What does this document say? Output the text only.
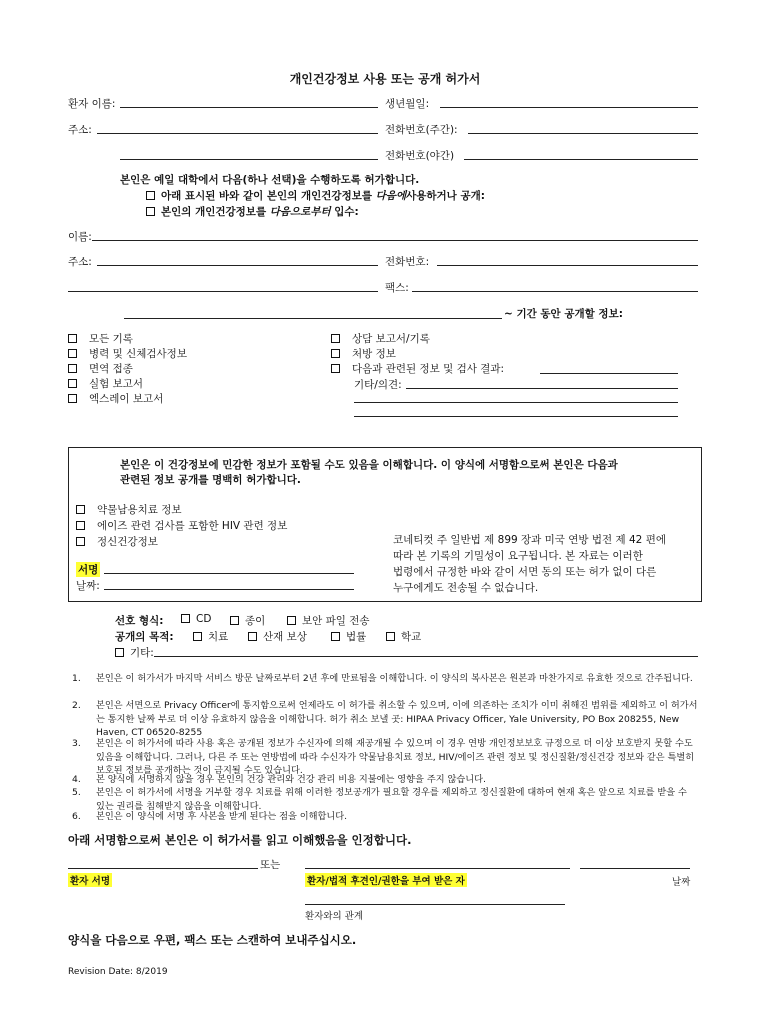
개인건강정보 사용 또는 공개 허가서
환자 이름:	생년월일:
주소:	전화번호(주간):
전화번호(야간)
본인은 예일 대학에서 다음(하나 선택)을 수행하도록 허가합니다.
아래 표시된 바와 같이 본인의 개인건강정보를 다음에사용하거나 공개:
본인의 개인건강정보를 다음으로부터 입수:
이름:
주소:	전화번호:
팩스:
~ 기간 동안 공개할 정보:
모든 기록
병력 및 신체검사정보
면역 접종
실험 보고서
엑스레이 보고서
상담 보고서/기록
처방 정보
다음과 관련된 정보 및 검사 결과:
기타/의견:
본인은 이 건강정보에 민감한 정보가 포함될 수도 있음을 이해합니다. 이 양식에 서명함으로써 본인은 다음과
관련된 정보 공개를 명백히 허가합니다.
약물남용치료 정보
에이즈 관련 검사를 포함한 HIV 관련 정보
정신건강정보	코네티컷 주 일반법 제 899 장과 미국 연방 법전 제 42 편에
따라 본 기록의 기밀성이 요구됩니다. 본 자료는 이러한
법령에서 규정한 바와 같이 서면 동의 또는 허가 없이 다른
누구에게도 전송될 수 없습니다.
서명
날짜:
선호 형식:	CD	종이	보안 파일 전송
공개의 목적:	치료	산재 보상	법률	학교
기타:
1. 본인은 이 허가서가 마지막 서비스 방문 날짜로부터 2년 후에 만료됨을 이해합니다. 이 양식의 복사본은 원본과 마찬가지로 유효한 것으로 간주됩니다.
2. 본인은 서면으로 Privacy Officer에 통지함으로써 언제라도 이 허가를 취소할 수 있으며, 이에 의존하는 조치가 이미 취해진 범위를 제외하고 이 허가서는 통지한 날짜 부로 더 이상 유효하지 않음을 이해합니다. 허가 취소 보낼 곳: HIPAA Privacy Officer, Yale University, PO Box 208255, New Haven, CT 06520-8255
3. 본인은 이 허가서에 따라 사용 혹은 공개된 정보가 수신자에 의해 재공개될 수 있으며 이 경우 연방 개인정보보호 규정으로 더 이상 보호받지 못할 수도 있음을 이해합니다. 그러나, 다른 주 또는 연방법에 따라 수신자가 약물남용치료 정보, HIV/에이즈 관련 정보 및 정신질환/정신건강 정보와 같은 특별히 보호된 정보를 공개하는 것이 금지될 수도 있습니다.
4. 본 양식에 서명하지 않을 경우 본인의 건강 관리와 건강 관리 비용 지불에는 영향을 주지 않습니다.
5. 본인은 이 허가서에 서명을 거부할 경우 치료를 위해 이러한 정보공개가 필요할 경우를 제외하고 정신질환에 대하여 현재 혹은 앞으로 치료를 받을 수 있는 권리를 침해받지 않음을 이해합니다.
6. 본인은 이 양식에 서명 후 사본을 받게 된다는 점을 이해합니다.
아래 서명함으로써 본인은 이 허가서를 읽고 이해했음을 인정합니다.
또는
환자 서명	환자/법적 후견인/권한을 부여 받은 자	날짜
환자와의 관계
양식을 다음으로 우편, 팩스 또는 스캔하여 보내주십시오.
Revision Date: 8/2019
